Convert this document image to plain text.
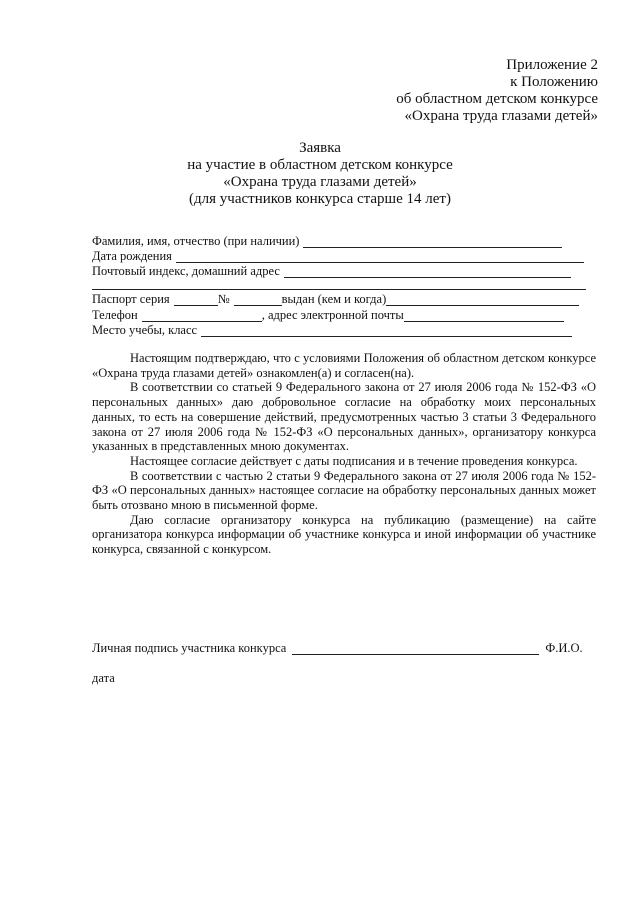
Приложение 2
к Положению
об областном детском конкурсе
«Охрана труда глазами детей»
Заявка
на участие в областном детском конкурсе
«Охрана труда глазами детей»
(для участников конкурса старше 14 лет)
Фамилия, имя, отчество (при наличии)
Дата рождения
Почтовый индекс, домашний адрес
Паспорт серия	№	выдан (кем и когда)
Телефон	, адрес электронной почты
Место учебы, класс

Настоящим подтверждаю, что с условиями Положения об областном детском конкурсе «Охрана труда глазами детей» ознакомлен(а) и согласен(на).

В соответствии со статьей 9 Федерального закона от 27 июля 2006 года № 152-ФЗ «О персональных данных» даю добровольное согласие на обработку моих персональных данных, то есть на совершение действий, предусмотренных частью 3 статьи 3 Федерального закона от 27 июля 2006 года № 152-ФЗ «О персональных данных», организатору конкурса указанных в представленных мною документах.

Настоящее согласие действует с даты подписания и в течение проведения конкурса.

В соответствии с частью 2 статьи 9 Федерального закона от 27 июля 2006 года № 152-ФЗ «О персональных данных» настоящее согласие на обработку персональных данных может быть отозвано мною в письменной форме.

Даю согласие организатору конкурса на публикацию (размещение) на сайте организатора конкурса информации об участнике конкурса и иной информации об участнике конкурса, связанной с конкурсом.

Личная подпись участника конкурса	Ф.И.О.
дата
